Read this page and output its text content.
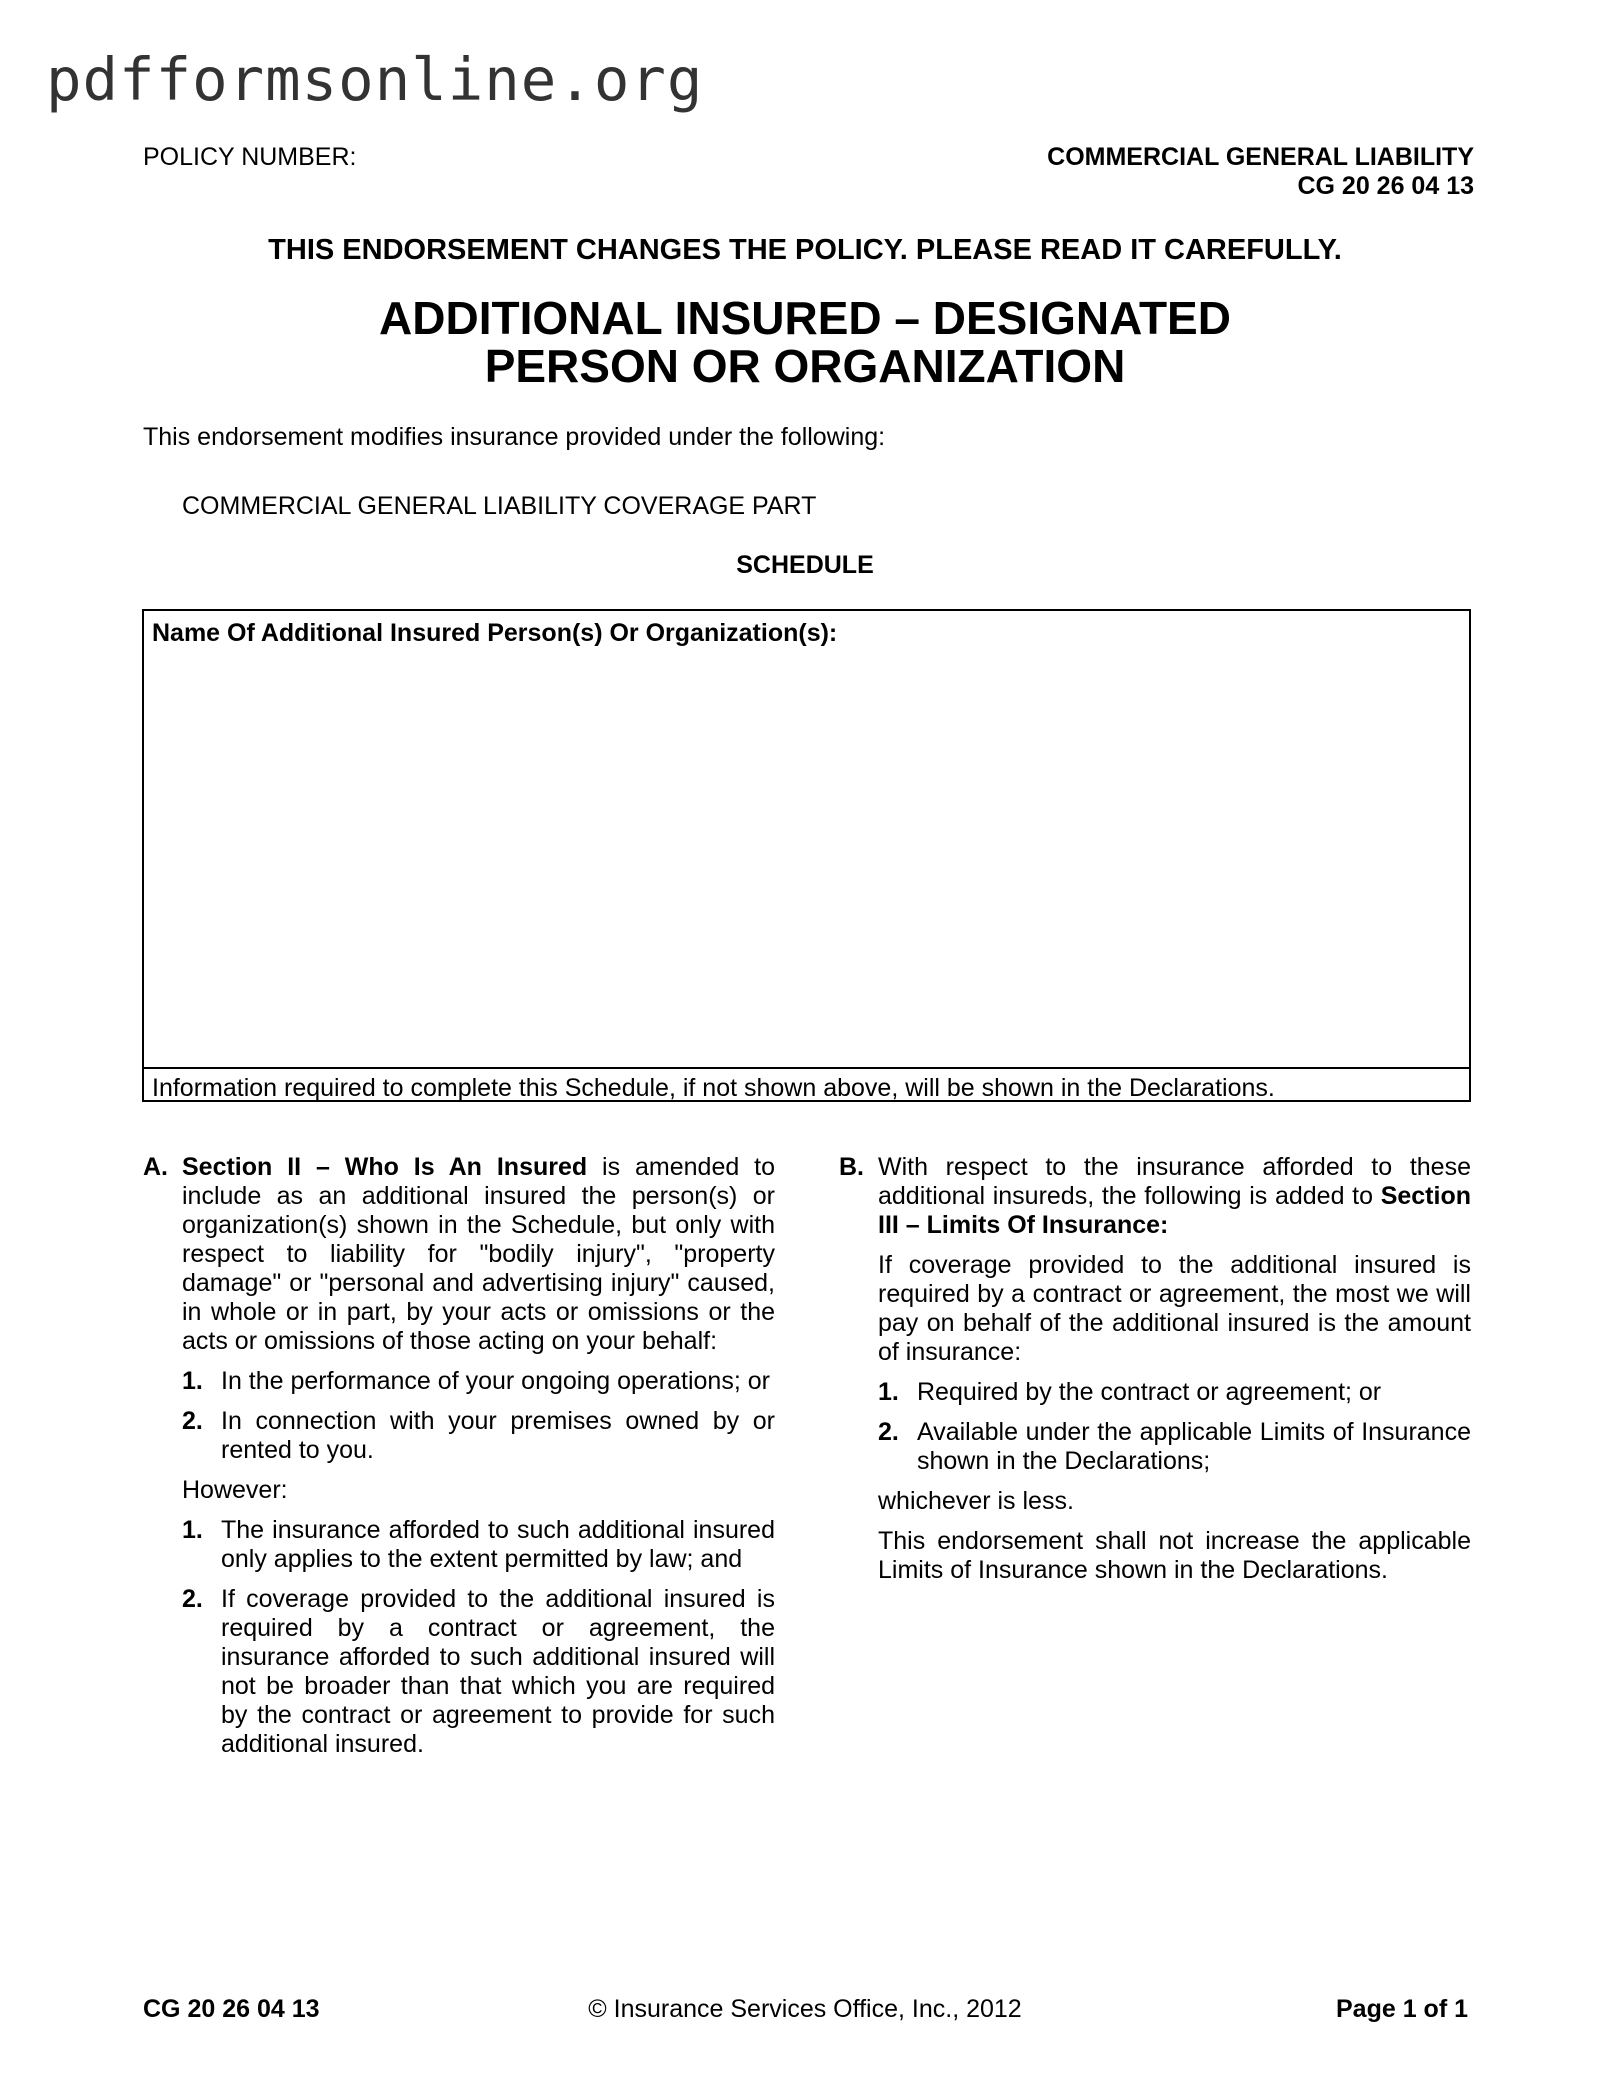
pdfformsonline.org
POLICY NUMBER:	COMMERCIAL GENERAL LIABILITY
CG 20 26 04 13
THIS ENDORSEMENT CHANGES THE POLICY. PLEASE READ IT CAREFULLY.
ADDITIONAL INSURED – DESIGNATED
PERSON OR ORGANIZATION
This endorsement modifies insurance provided under the following:
COMMERCIAL GENERAL LIABILITY COVERAGE PART
SCHEDULE
Name Of Additional Insured Person(s) Or Organization(s):
Information required to complete this Schedule, if not shown above, will be shown in the Declarations.
A. Section II – Who Is An Insured is amended to include as an additional insured the person(s) or organization(s) shown in the Schedule, but only with respect to liability for "bodily injury", "property damage" or "personal and advertising injury" caused, in whole or in part, by your acts or omissions or the acts or omissions of those acting on your behalf:
1. In the performance of your ongoing operations; or
2. In connection with your premises owned by or rented to you.
However:
1. The insurance afforded to such additional insured only applies to the extent permitted by law; and
2. If coverage provided to the additional insured is required by a contract or agreement, the insurance afforded to such additional insured will not be broader than that which you are required by the contract or agreement to provide for such additional insured.
B. With respect to the insurance afforded to these additional insureds, the following is added to Section III – Limits Of Insurance:
If coverage provided to the additional insured is required by a contract or agreement, the most we will pay on behalf of the additional insured is the amount of insurance:
1. Required by the contract or agreement; or
2. Available under the applicable Limits of Insurance shown in the Declarations;
whichever is less.
This endorsement shall not increase the applicable Limits of Insurance shown in the Declarations.
CG 20 26 04 13	© Insurance Services Office, Inc., 2012	Page 1 of 1
